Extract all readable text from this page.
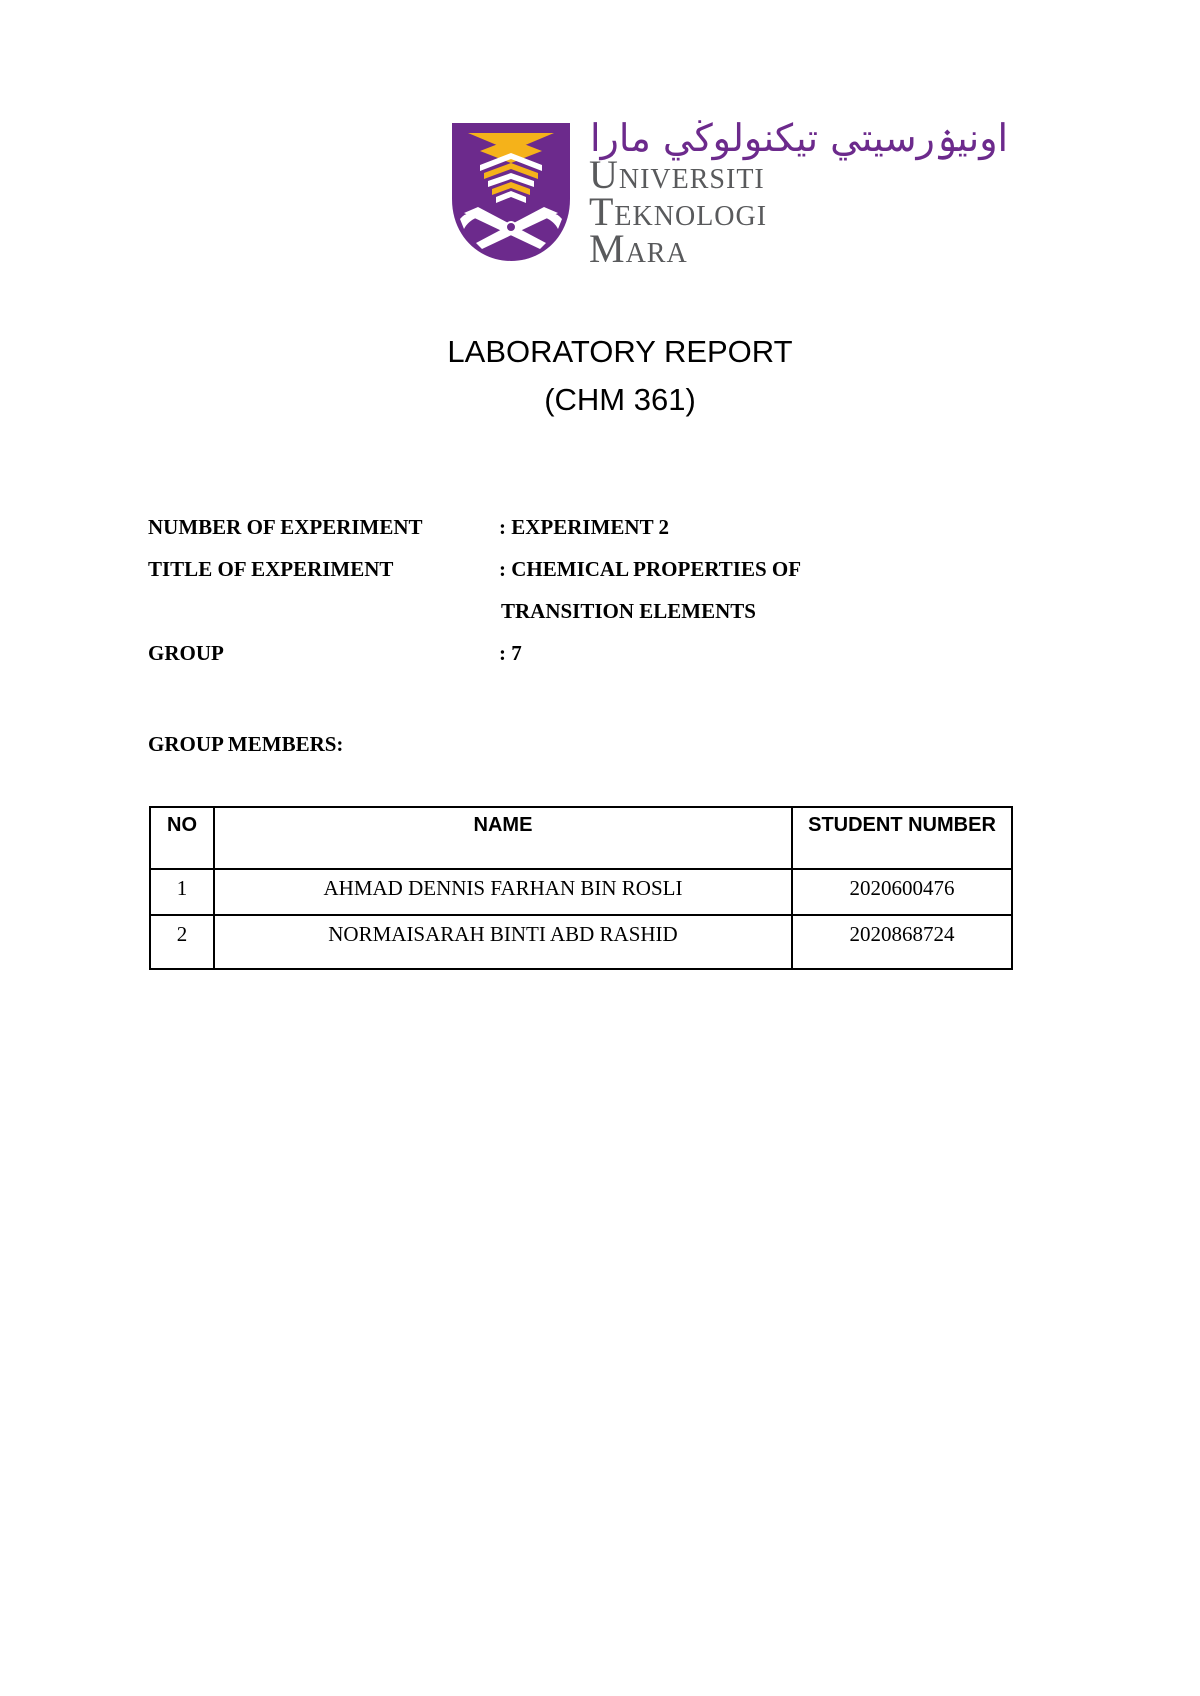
اونيۏرسيتي تيكنولوڬي مارا
Universiti
Teknologi
Mara
LABORATORY REPORT
(CHM 361)
NUMBER OF EXPERIMENT	: EXPERIMENT 2
TITLE OF EXPERIMENT	: CHEMICAL PROPERTIES OF
TRANSITION ELEMENTS
GROUP	: 7
GROUP MEMBERS:
NO	NAME	STUDENT NUMBER
1	AHMAD DENNIS FARHAN BIN ROSLI	2020600476
2	NORMAISARAH BINTI ABD RASHID	2020868724
